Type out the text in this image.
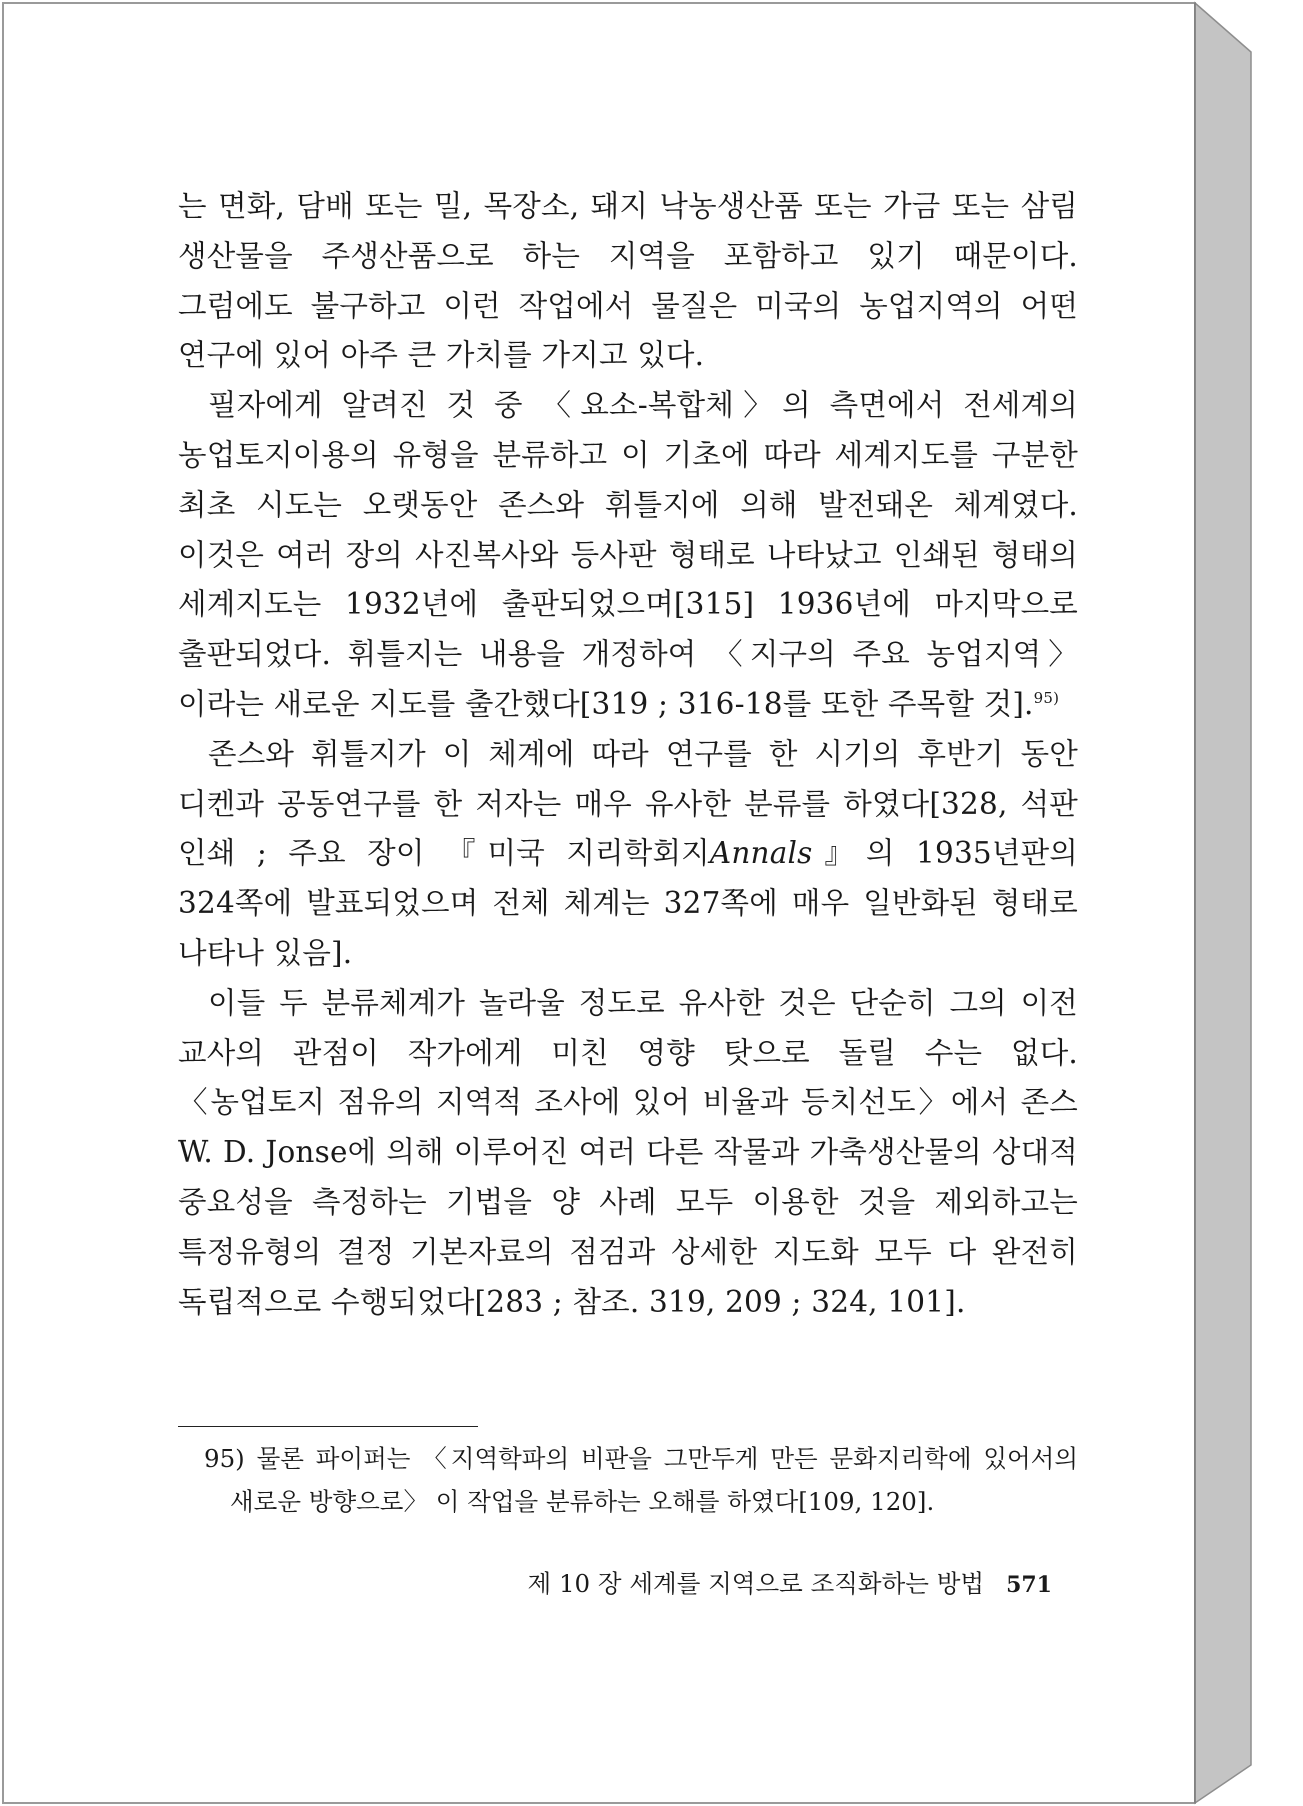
는 면화, 담배 또는 밀, 목장소, 돼지 낙농생산품 또는 가금 또는 삼림 생산물을 주생산품으로 하는 지역을 포함하고 있기 때문이다. 그럼에도 불구하고 이런 작업에서 물질은 미국의 농업지역의 어떤 연구에 있어 아주 큰 가치를 가지고 있다.

필자에게 알려진 것 중 〈요소-복합체〉의 측면에서 전세계의 농업토지이용의 유형을 분류하고 이 기초에 따라 세계지도를 구분한 최초 시도는 오랫동안 존스와 휘틀지에 의해 발전돼온 체계였다. 이것은 여러 장의 사진복사와 등사판 형태로 나타났고 인쇄된 형태의 세계지도는 1932년에 출판되었으며[315] 1936년에 마지막으로 출판되었다. 휘틀지는 내용을 개정하여 〈지구의 주요 농업지역〉이라는 새로운 지도를 출간했다[319 ; 316-18를 또한 주목할 것].$^{95)}$

존스와 휘틀지가 이 체계에 따라 연구를 한 시기의 후반기 동안 디켄과 공동연구를 한 저자는 매우 유사한 분류를 하였다[328, 석판 인쇄 ; 주요 장이 『미국 지리학회지Annals』의 1935년판의 324쪽에 발표되었으며 전체 체계는 327쪽에 매우 일반화된 형태로 나타나 있음].

이들 두 분류체계가 놀라울 정도로 유사한 것은 단순히 그의 이전 교사의 관점이 작가에게 미친 영향 탓으로 돌릴 수는 없다. 〈농업토지 점유의 지역적 조사에 있어 비율과 등치선도〉에서 존스 W. D. Jonse에 의해 이루어진 여러 다른 작물과 가축생산물의 상대적 중요성을 측정하는 기법을 양 사례 모두 이용한 것을 제외하고는 특정유형의 결정 기본자료의 점검과 상세한 지도화 모두 다 완전히 독립적으로 수행되었다[283 ; 참조. 319, 209 ; 324, 101].

95) 물론 파이퍼는 〈지역학파의 비판을 그만두게 만든 문화지리학에 있어서의 새로운 방향으로〉 이 작업을 분류하는 오해를 하였다[109, 120].

제 10 장 세계를 지역으로 조직화하는 방법 571
